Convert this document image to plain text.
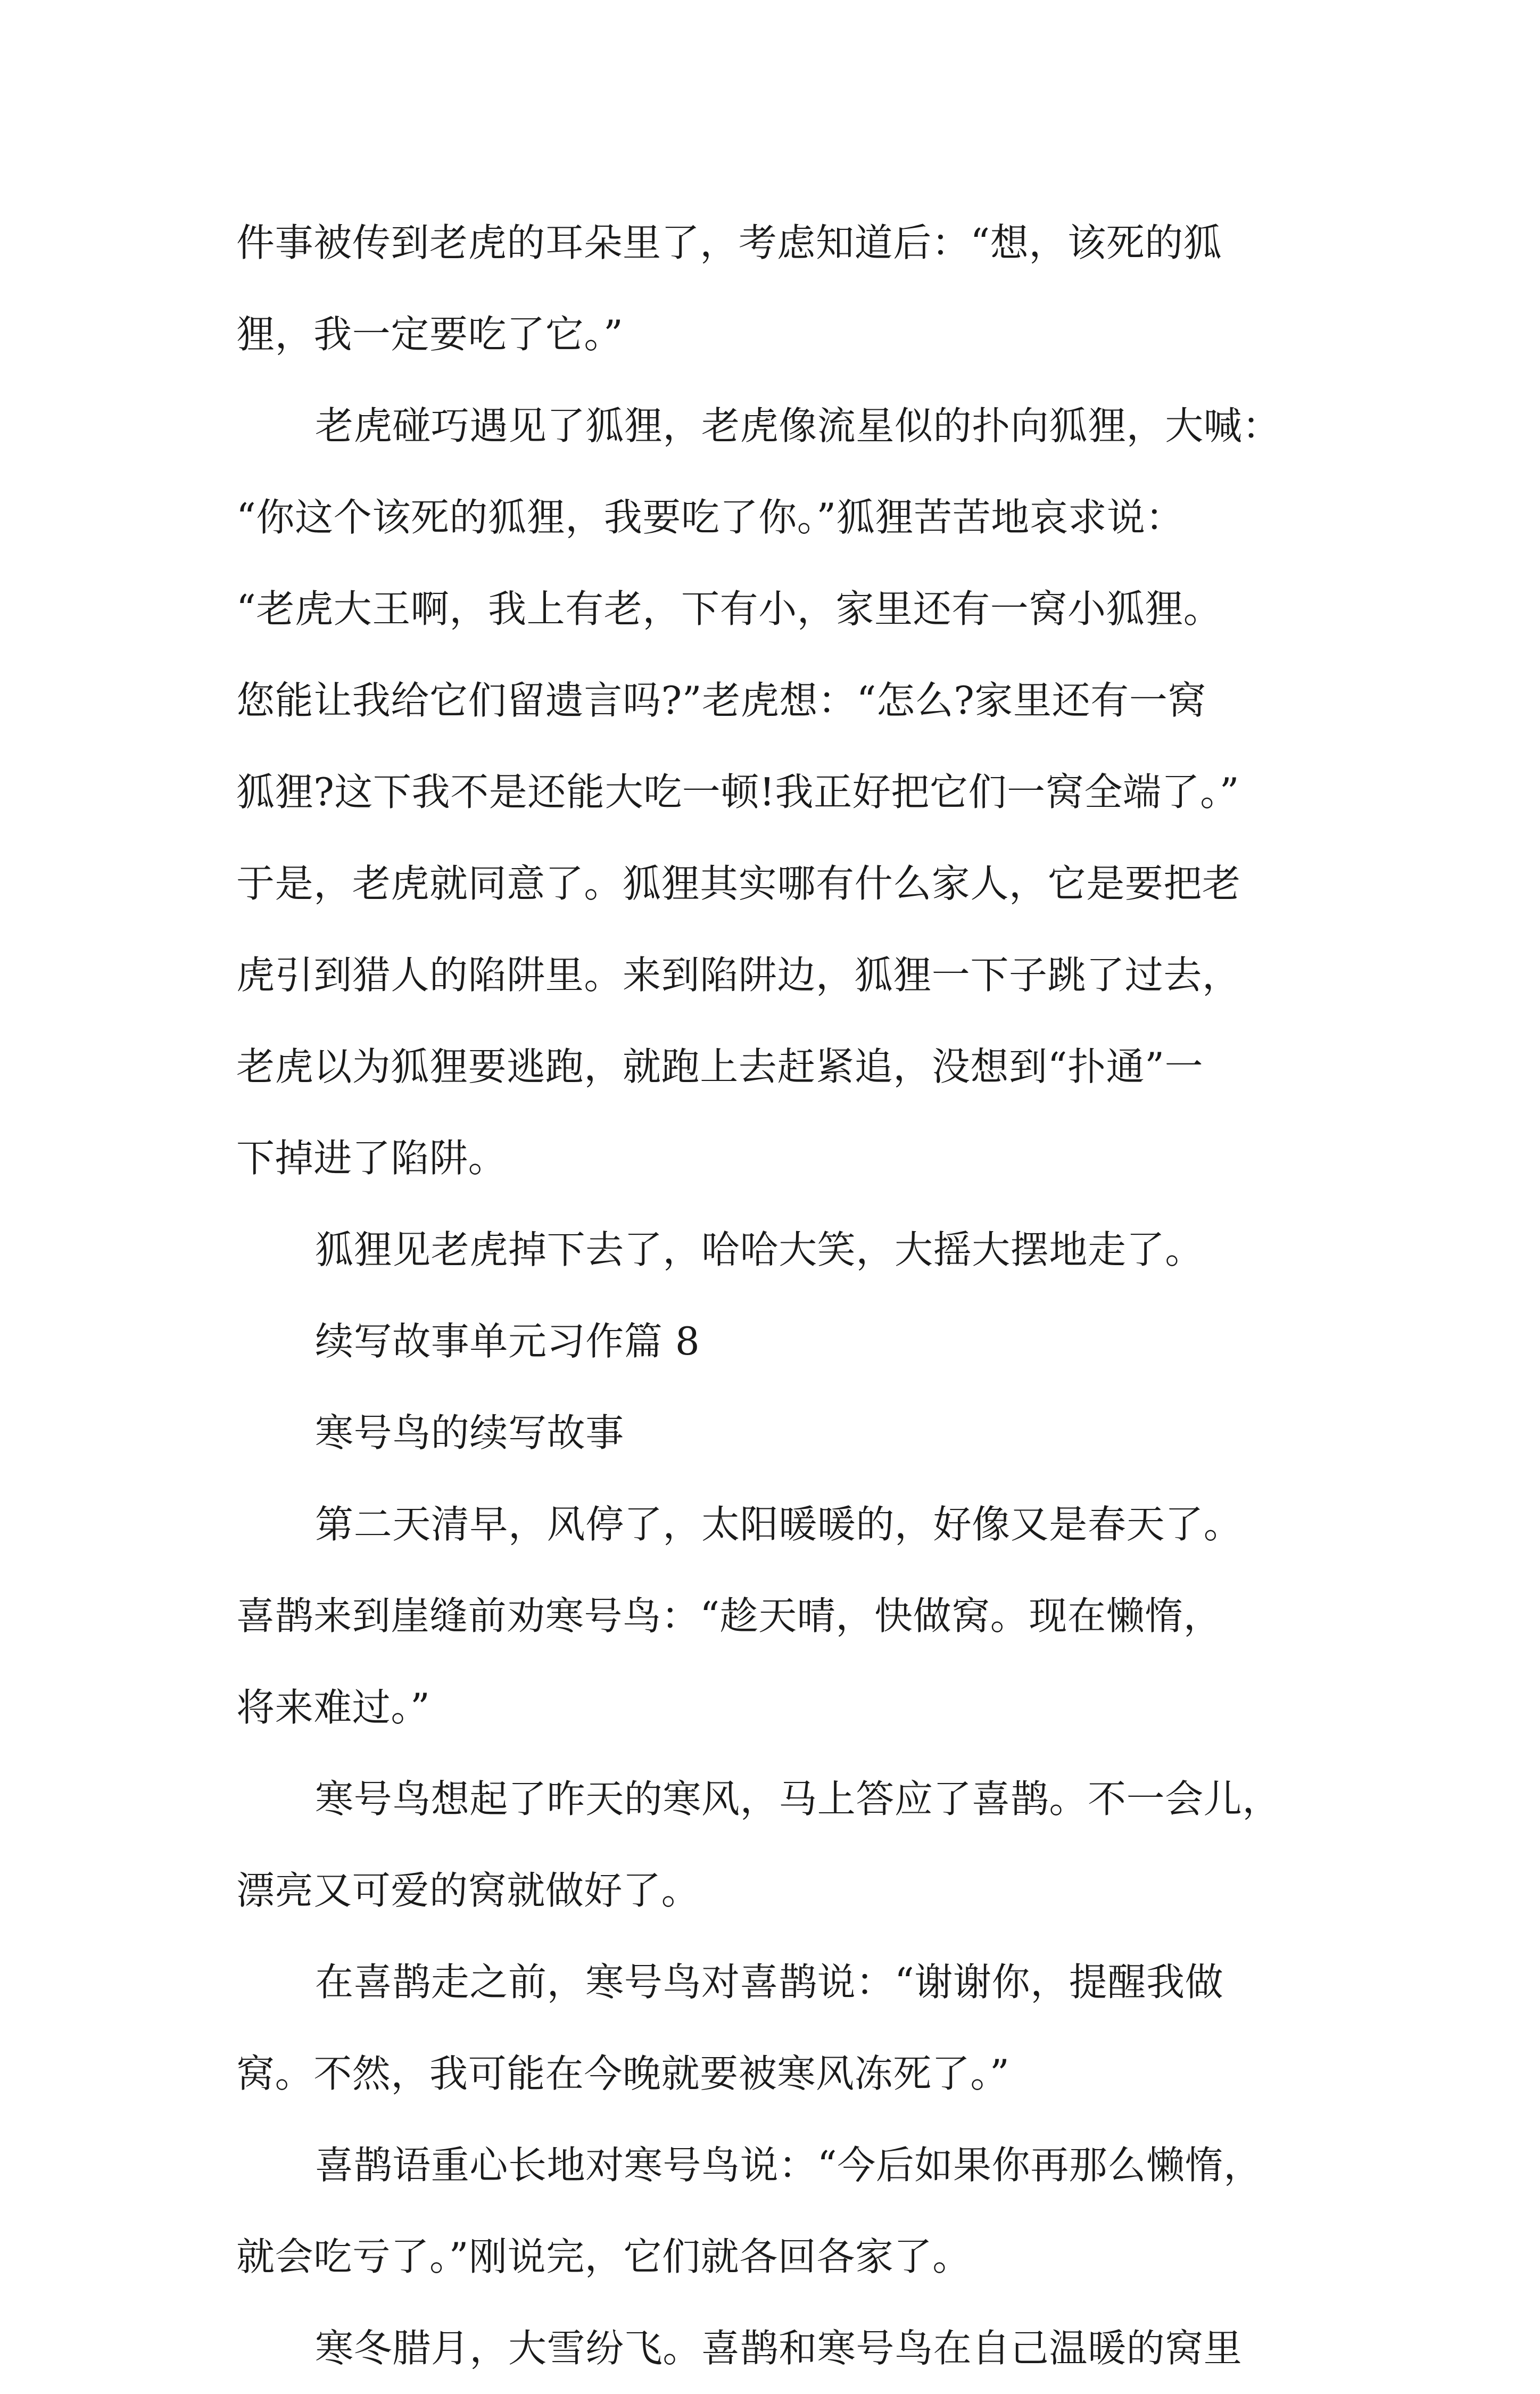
件事被传到老虎的耳朵里了，考虑知道后：“想，该死的狐
狸，我一定要吃了它。”
老虎碰巧遇见了狐狸，老虎像流星似的扑向狐狸，大喊：
“你这个该死的狐狸，我要吃了你。”狐狸苦苦地哀求说：
“老虎大王啊，我上有老，下有小，家里还有一窝小狐狸。
您能让我给它们留遗言吗?”老虎想：“怎么?家里还有一窝
狐狸?这下我不是还能大吃一顿!我正好把它们一窝全端了。”
于是，老虎就同意了。狐狸其实哪有什么家人，它是要把老
虎引到猎人的陷阱里。来到陷阱边，狐狸一下子跳了过去，
老虎以为狐狸要逃跑，就跑上去赶紧追，没想到“扑通”一
下掉进了陷阱。
狐狸见老虎掉下去了，哈哈大笑，大摇大摆地走了。
续写故事单元习作篇 8
寒号鸟的续写故事
第二天清早，风停了，太阳暖暖的，好像又是春天了。
喜鹊来到崖缝前劝寒号鸟：“趁天晴，快做窝。现在懒惰，
将来难过。”
寒号鸟想起了昨天的寒风，马上答应了喜鹊。不一会儿，
漂亮又可爱的窝就做好了。
在喜鹊走之前，寒号鸟对喜鹊说：“谢谢你，提醒我做
窝。不然，我可能在今晚就要被寒风冻死了。”
喜鹊语重心长地对寒号鸟说：“今后如果你再那么懒惰，
就会吃亏了。”刚说完，它们就各回各家了。
寒冬腊月，大雪纷飞。喜鹊和寒号鸟在自己温暖的窝里
